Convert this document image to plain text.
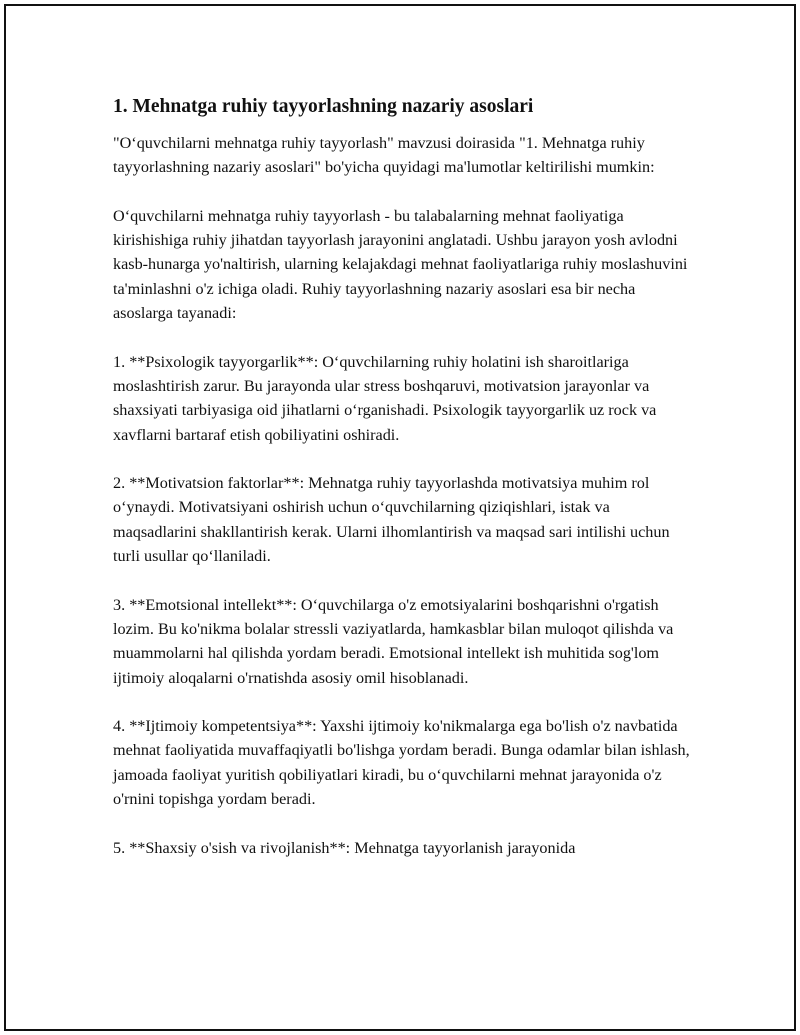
1. Mehnatga ruhiy tayyorlashning nazariy asoslari

"O‘quvchilarni mehnatga ruhiy tayyorlash" mavzusi doirasida "1. Mehnatga ruhiy tayyorlashning nazariy asoslari" bo'yicha quyidagi ma'lumotlar keltirilishi mumkin:

O‘quvchilarni mehnatga ruhiy tayyorlash - bu talabalarning mehnat faoliyatiga kirishishiga ruhiy jihatdan tayyorlash jarayonini anglatadi. Ushbu jarayon yosh avlodni kasb-hunarga yo'naltirish, ularning kelajakdagi mehnat faoliyatlariga ruhiy moslashuvini ta'minlashni o'z ichiga oladi. Ruhiy tayyorlashning nazariy asoslari esa bir necha asoslarga tayanadi:

1. **Psixologik tayyorgarlik**: O‘quvchilarning ruhiy holatini ish sharoitlariga moslashtirish zarur. Bu jarayonda ular stress boshqaruvi, motivatsion jarayonlar va shaxsiyati tarbiyasiga oid jihatlarni o‘rganishadi. Psixologik tayyorgarlik uz rock va xavflarni bartaraf etish qobiliyatini oshiradi.

2. **Motivatsion faktorlar**: Mehnatga ruhiy tayyorlashda motivatsiya muhim rol o‘ynaydi. Motivatsiyani oshirish uchun o‘quvchilarning qiziqishlari, istak va maqsadlarini shakllantirish kerak. Ularni ilhomlantirish va maqsad sari intilishi uchun turli usullar qo‘llaniladi.

3. **Emotsional intellekt**: O‘quvchilarga o'z emotsiyalarini boshqarishni o'rgatish lozim. Bu ko'nikma bolalar stressli vaziyatlarda, hamkasblar bilan muloqot qilishda va muammolarni hal qilishda yordam beradi. Emotsional intellekt ish muhitida sog'lom ijtimoiy aloqalarni o'rnatishda asosiy omil hisoblanadi.

4. **Ijtimoiy kompetentsiya**: Yaxshi ijtimoiy ko'nikmalarga ega bo'lish o'z navbatida mehnat faoliyatida muvaffaqiyatli bo'lishga yordam beradi. Bunga odamlar bilan ishlash, jamoada faoliyat yuritish qobiliyatlari kiradi, bu o‘quvchilarni mehnat jarayonida o'z o'rnini topishga yordam beradi.

5. **Shaxsiy o'sish va rivojlanish**: Mehnatga tayyorlanish jarayonida
